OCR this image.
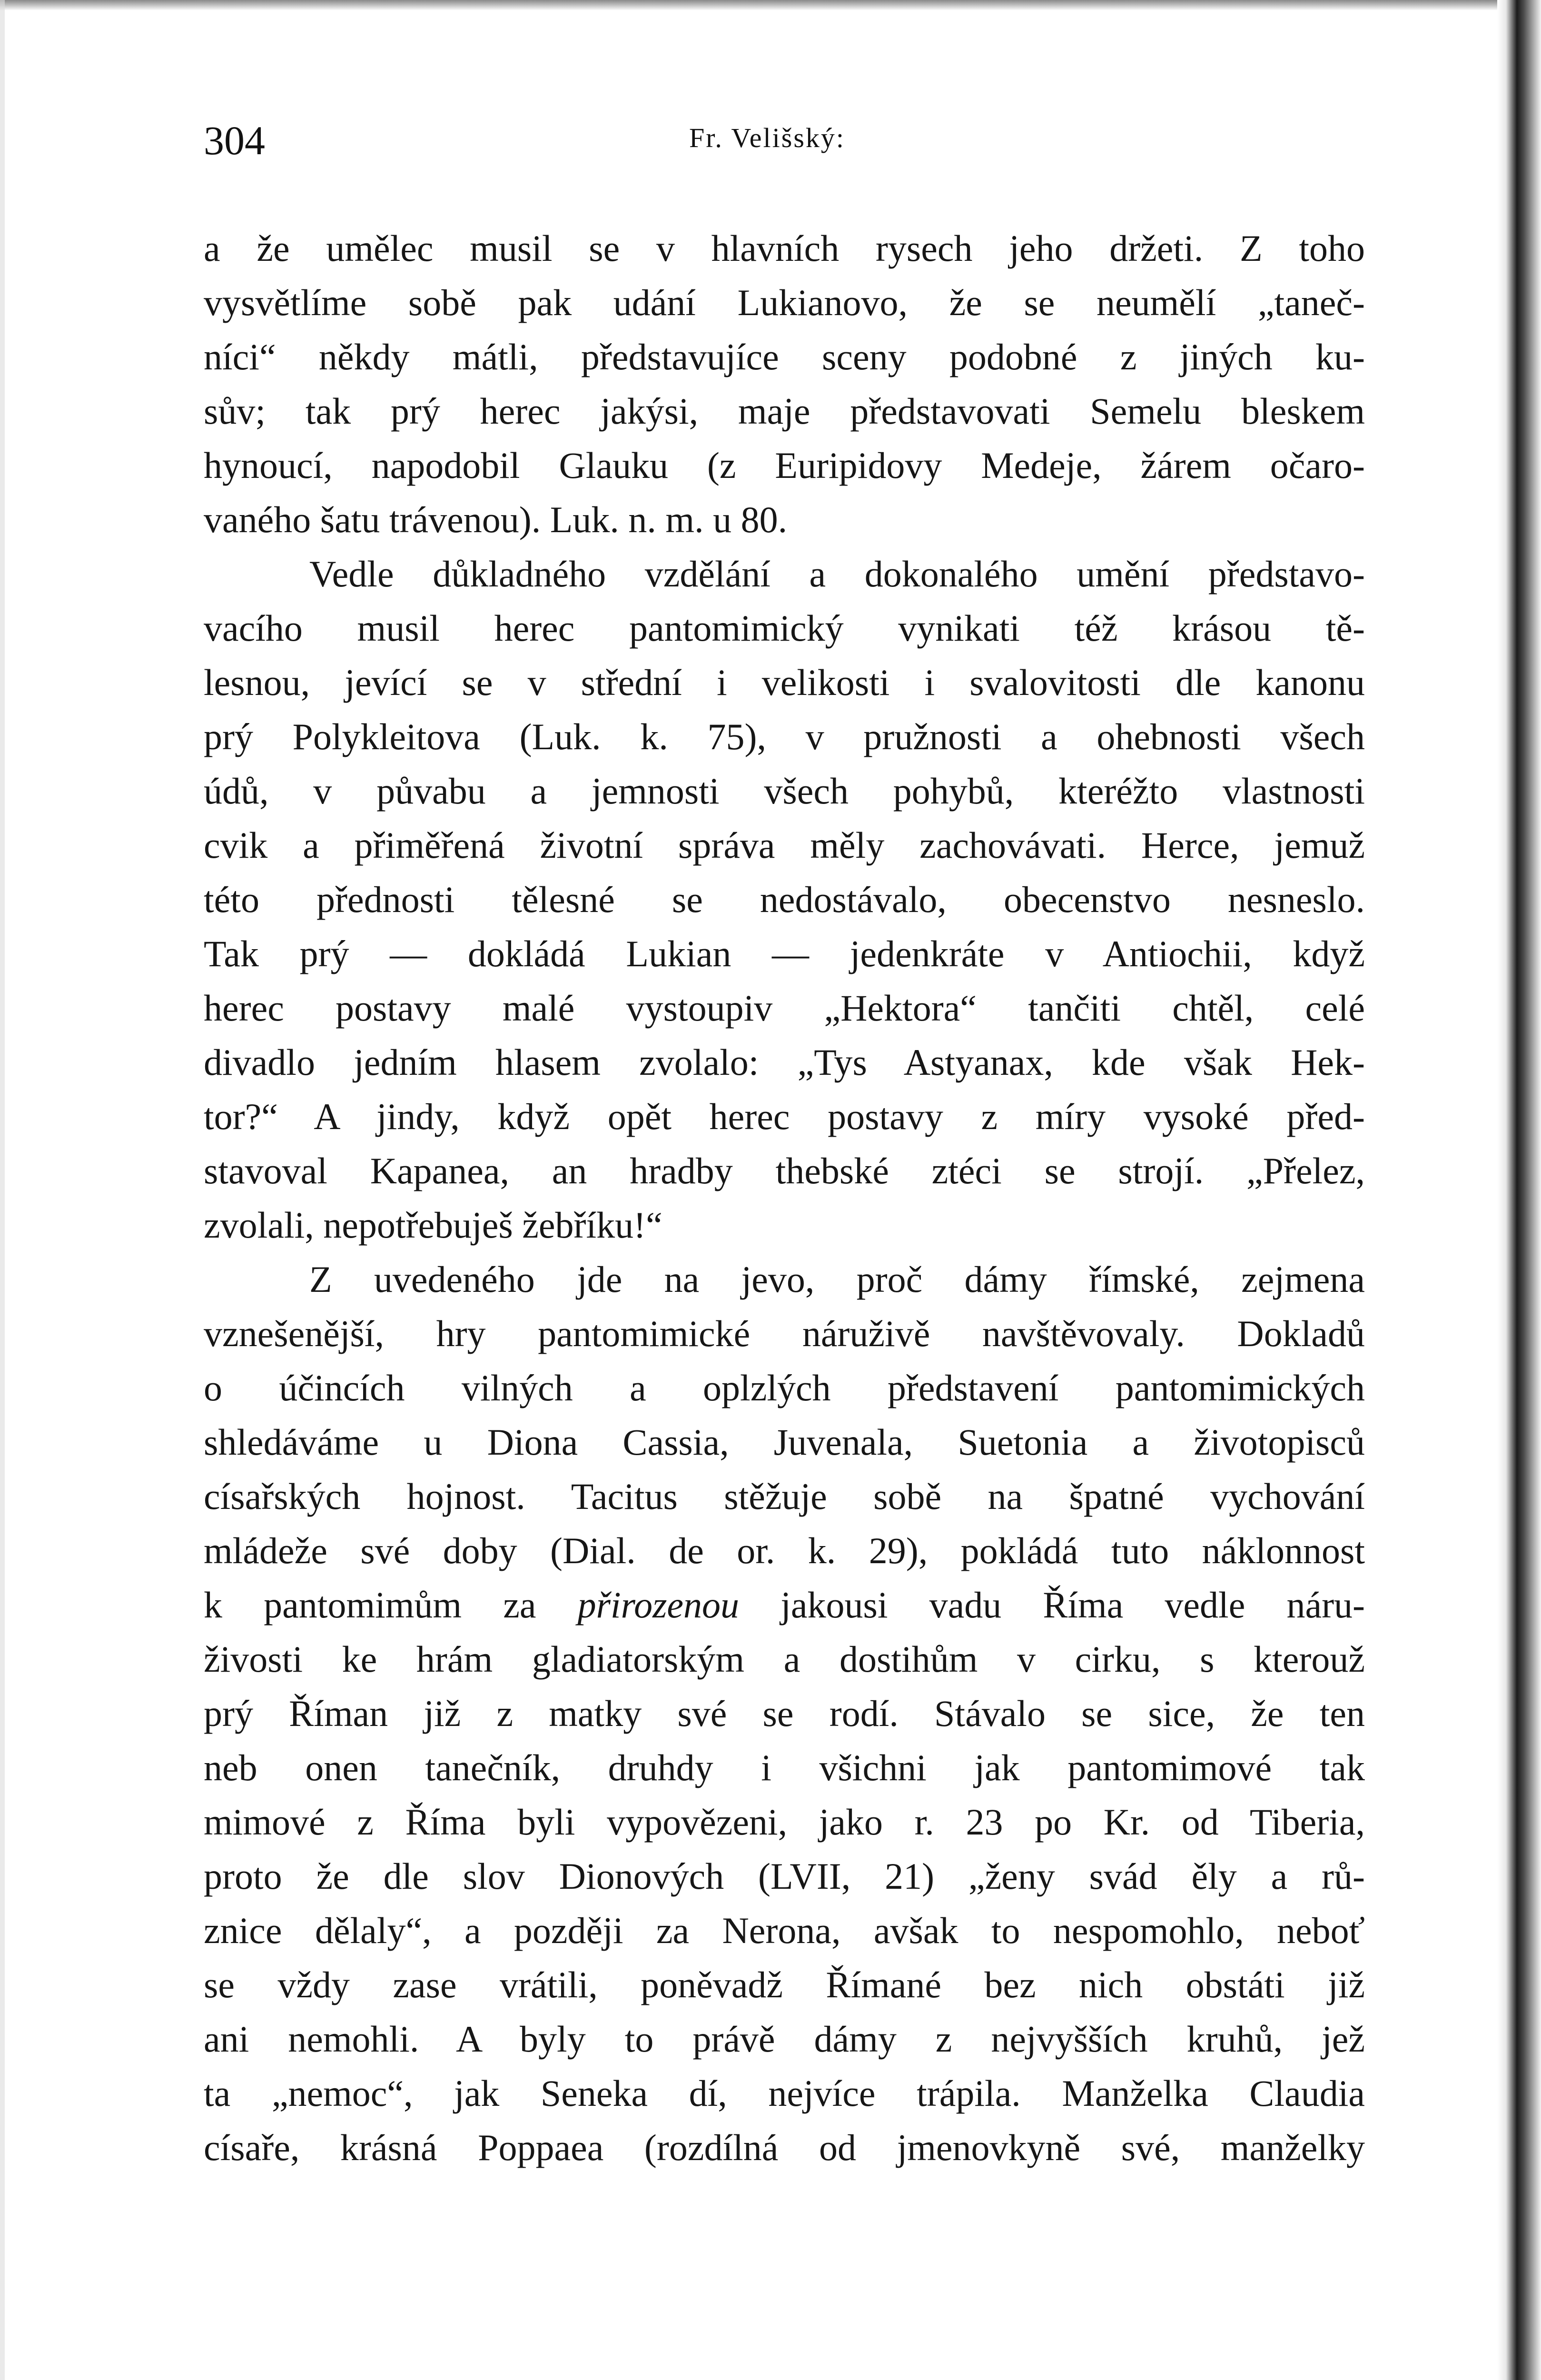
304	Fr. Velišský:
a že umělec musil se v hlavních rysech jeho držeti. Z toho
vysvětlíme sobě pak udání Lukianovo, že se neumělí „taneč-
níci“ někdy mátli, představujíce sceny podobné z jiných ku-
sův; tak prý herec jakýsi, maje představovati Semelu bleskem
hynoucí, napodobil Glauku (z Euripidovy Medeje, žárem očaro-
vaného šatu trávenou). Luk. n. m. u 80.
Vedle důkladného vzdělání a dokonalého umění představo-
vacího musil herec pantomimický vynikati též krásou tě-
lesnou, jevící se v střední i velikosti i svalovitosti dle kanonu
prý Polykleitova (Luk. k. 75), v pružnosti a ohebnosti všech
údů, v půvabu a jemnosti všech pohybů, kteréžto vlastnosti
cvik a přiměřená životní správa měly zachovávati. Herce, jemuž
této přednosti tělesné se nedostávalo, obecenstvo nesneslo.
Tak prý — dokládá Lukian — jedenkráte v Antiochii, když
herec postavy malé vystoupiv „Hektora“ tančiti chtěl, celé
divadlo jedním hlasem zvolalo: „Tys Astyanax, kde však Hek-
tor?“ A jindy, když opět herec postavy z míry vysoké před-
stavoval Kapanea, an hradby thebské ztéci se strojí. „Přelez,
zvolali, nepotřebuješ žebříku!“
Z uvedeného jde na jevo, proč dámy římské, zejmena
vznešenější, hry pantomimické náruživě navštěvovaly. Dokladů
o účincích vilných a oplzlých představení pantomimických
shledáváme u Diona Cassia, Juvenala, Suetonia a životopisců
císařských hojnost. Tacitus stěžuje sobě na špatné vychování
mládeže své doby (Dial. de or. k. 29), pokládá tuto náklonnost
k pantomimům za přirozenou jakousi vadu Říma vedle náru-
živosti ke hrám gladiatorským a dostihům v cirku, s kterouž
prý Říman již z matky své se rodí. Stávalo se sice, že ten
neb onen tanečník, druhdy i všichni jak pantomimové tak
mimové z Říma byli vypovězeni, jako r. 23 po Kr. od Tiberia,
proto že dle slov Dionových (LVII, 21) „ženy svád ěly a rů-
znice dělaly“, a později za Nerona, avšak to nespomohlo, neboť
se vždy zase vrátili, poněvadž Římané bez nich obstáti již
ani nemohli. A byly to právě dámy z nejvyšších kruhů, jež
ta „nemoc“, jak Seneka dí, nejvíce trápila. Manželka Claudia
císaře, krásná Poppaea (rozdílná od jmenovkyně své, manželky
